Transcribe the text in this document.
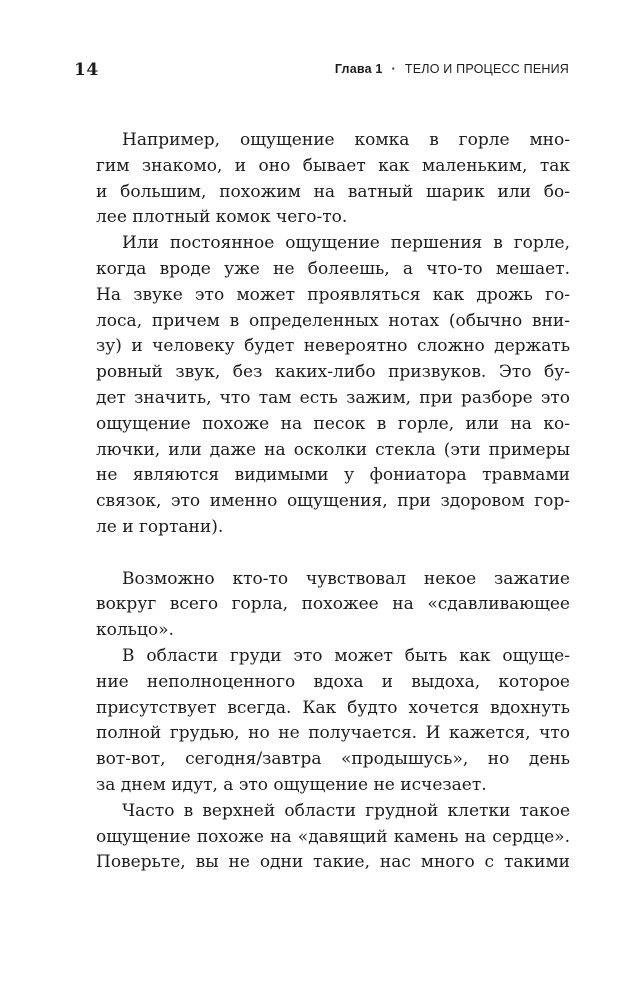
14	Глава 1 · ТЕЛО И ПРОЦЕСС ПЕНИЯ
Например, ощущение комка в горле мно-
гим знакомо, и оно бывает как маленьким, так
и большим, похожим на ватный шарик или бо-
лее плотный комок чего-то.
Или постоянное ощущение першения в горле,
когда вроде уже не болеешь, а что-то мешает.
На звуке это может проявляться как дрожь го-
лоса, причем в определенных нотах (обычно вни-
зу) и человеку будет невероятно сложно держать
ровный звук, без каких-либо призвуков. Это бу-
дет значить, что там есть зажим, при разборе это
ощущение похоже на песок в горле, или на ко-
лючки, или даже на осколки стекла (эти примеры
не являются видимыми у фониатора травмами
связок, это именно ощущения, при здоровом гор-
ле и гортани).
Возможно кто-то чувствовал некое зажатие
вокруг всего горла, похожее на «сдавливающее
кольцо».
В области груди это может быть как ощуще-
ние неполноценного вдоха и выдоха, которое
присутствует всегда. Как будто хочется вдохнуть
полной грудью, но не получается. И кажется, что
вот-вот, сегодня/завтра «продышусь», но день
за днем идут, а это ощущение не исчезает.
Часто в верхней области грудной клетки такое
ощущение похоже на «давящий камень на сердце».
Поверьте, вы не одни такие, нас много с такими
